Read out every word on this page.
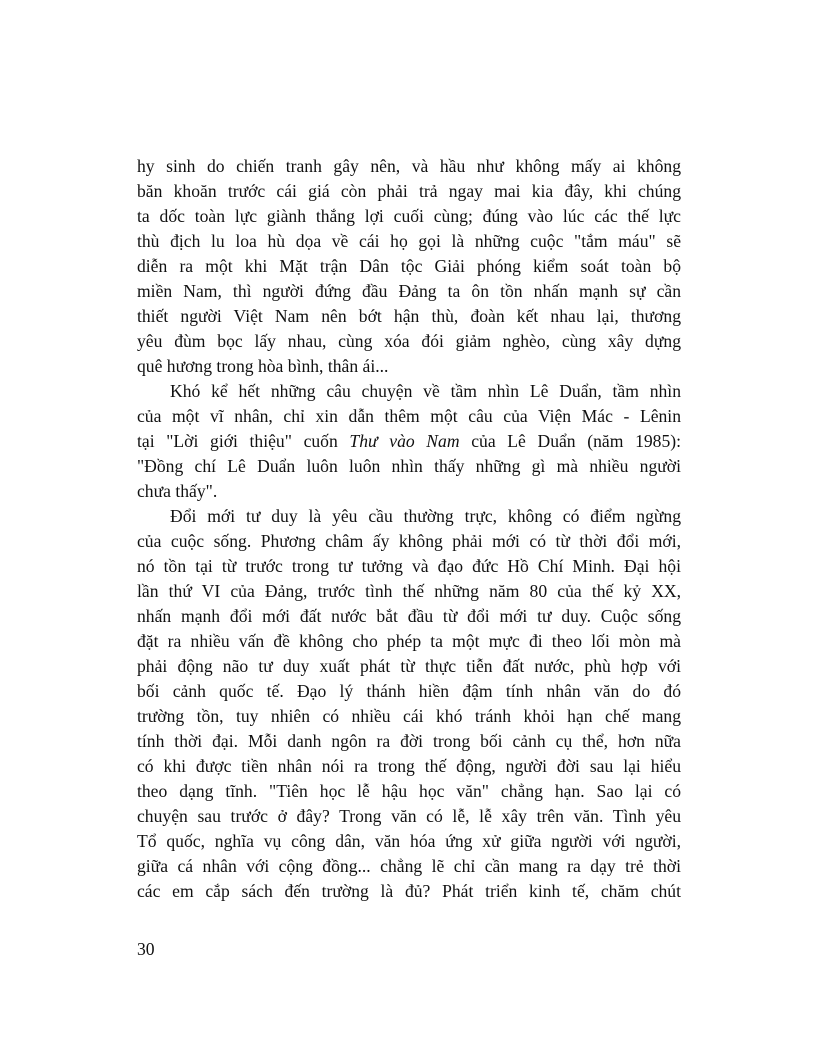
hy sinh do chiến tranh gây nên, và hầu như không mấy ai không
băn khoăn trước cái giá còn phải trả ngay mai kia đây, khi chúng
ta dốc toàn lực giành thắng lợi cuối cùng; đúng vào lúc các thế lực
thù địch lu loa hù dọa về cái họ gọi là những cuộc "tắm máu" sẽ
diễn ra một khi Mặt trận Dân tộc Giải phóng kiểm soát toàn bộ
miền Nam, thì người đứng đầu Đảng ta ôn tồn nhấn mạnh sự cần
thiết người Việt Nam nên bớt hận thù, đoàn kết nhau lại, thương
yêu đùm bọc lấy nhau, cùng xóa đói giảm nghèo, cùng xây dựng
quê hương trong hòa bình, thân ái...
Khó kể hết những câu chuyện về tầm nhìn Lê Duẩn, tầm nhìn
của một vĩ nhân, chỉ xin dẫn thêm một câu của Viện Mác - Lênin
tại "Lời giới thiệu" cuốn Thư vào Nam của Lê Duẩn (năm 1985):
"Đồng chí Lê Duẩn luôn luôn nhìn thấy những gì mà nhiều người
chưa thấy".
Đổi mới tư duy là yêu cầu thường trực, không có điểm ngừng
của cuộc sống. Phương châm ấy không phải mới có từ thời đổi mới,
nó tồn tại từ trước trong tư tưởng và đạo đức Hồ Chí Minh. Đại hội
lần thứ VI của Đảng, trước tình thế những năm 80 của thế kỷ XX,
nhấn mạnh đổi mới đất nước bắt đầu từ đổi mới tư duy. Cuộc sống
đặt ra nhiều vấn đề không cho phép ta một mực đi theo lối mòn mà
phải động não tư duy xuất phát từ thực tiễn đất nước, phù hợp với
bối cảnh quốc tế. Đạo lý thánh hiền đậm tính nhân văn do đó
trường tồn, tuy nhiên có nhiều cái khó tránh khỏi hạn chế mang
tính thời đại. Mỗi danh ngôn ra đời trong bối cảnh cụ thể, hơn nữa
có khi được tiền nhân nói ra trong thế động, người đời sau lại hiểu
theo dạng tĩnh. "Tiên học lễ hậu học văn" chẳng hạn. Sao lại có
chuyện sau trước ở đây? Trong văn có lễ, lễ xây trên văn. Tình yêu
Tổ quốc, nghĩa vụ công dân, văn hóa ứng xử giữa người với người,
giữa cá nhân với cộng đồng... chẳng lẽ chỉ cần mang ra dạy trẻ thời
các em cắp sách đến trường là đủ? Phát triển kinh tế, chăm chút
30
